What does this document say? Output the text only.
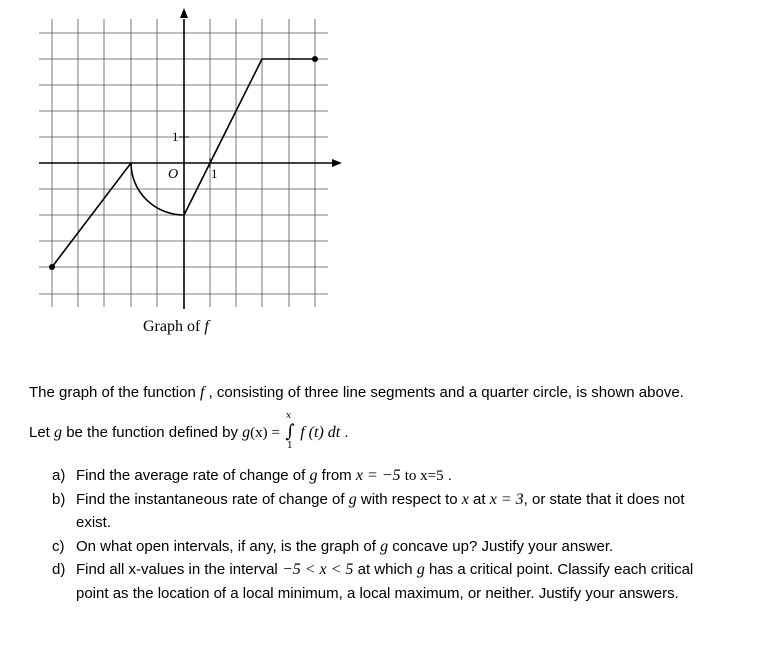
1
1
O
Graph of f
The graph of the function f , consisting of three line segments and a quarter circle, is shown above.
Let g be the function defined by g(x) = ∫
x
1
f (t) dt .
a) Find the average rate of change of g from x = −5 to x=5 .
b) Find the instantaneous rate of change of g with respect to x at x = 3, or state that it does not
exist.
c) On what open intervals, if any, is the graph of g concave up? Justify your answer.
d) Find all x-values in the interval −5 < x < 5 at which g has a critical point. Classify each critical
point as the location of a local minimum, a local maximum, or neither. Justify your answers.
